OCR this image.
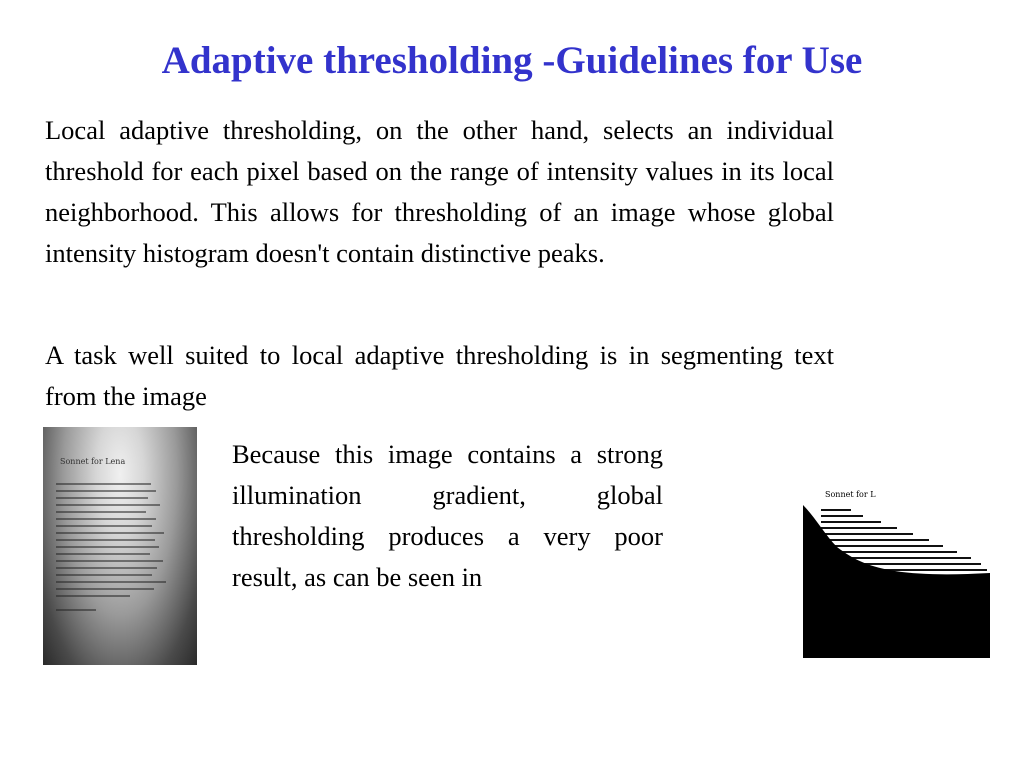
Adaptive thresholding -Guidelines for Use

Local adaptive thresholding, on the other hand, selects an individual threshold for each pixel based on the range of intensity values in its local neighborhood. This allows for thresholding of an image whose global intensity histogram doesn't contain distinctive peaks.

A task well suited to local adaptive thresholding is in segmenting text from the image

Sonnet for Lena	Because this image contains a strong illumination gradient, global thresholding produces a very poor result, as can be seen in

Sonnet for L
